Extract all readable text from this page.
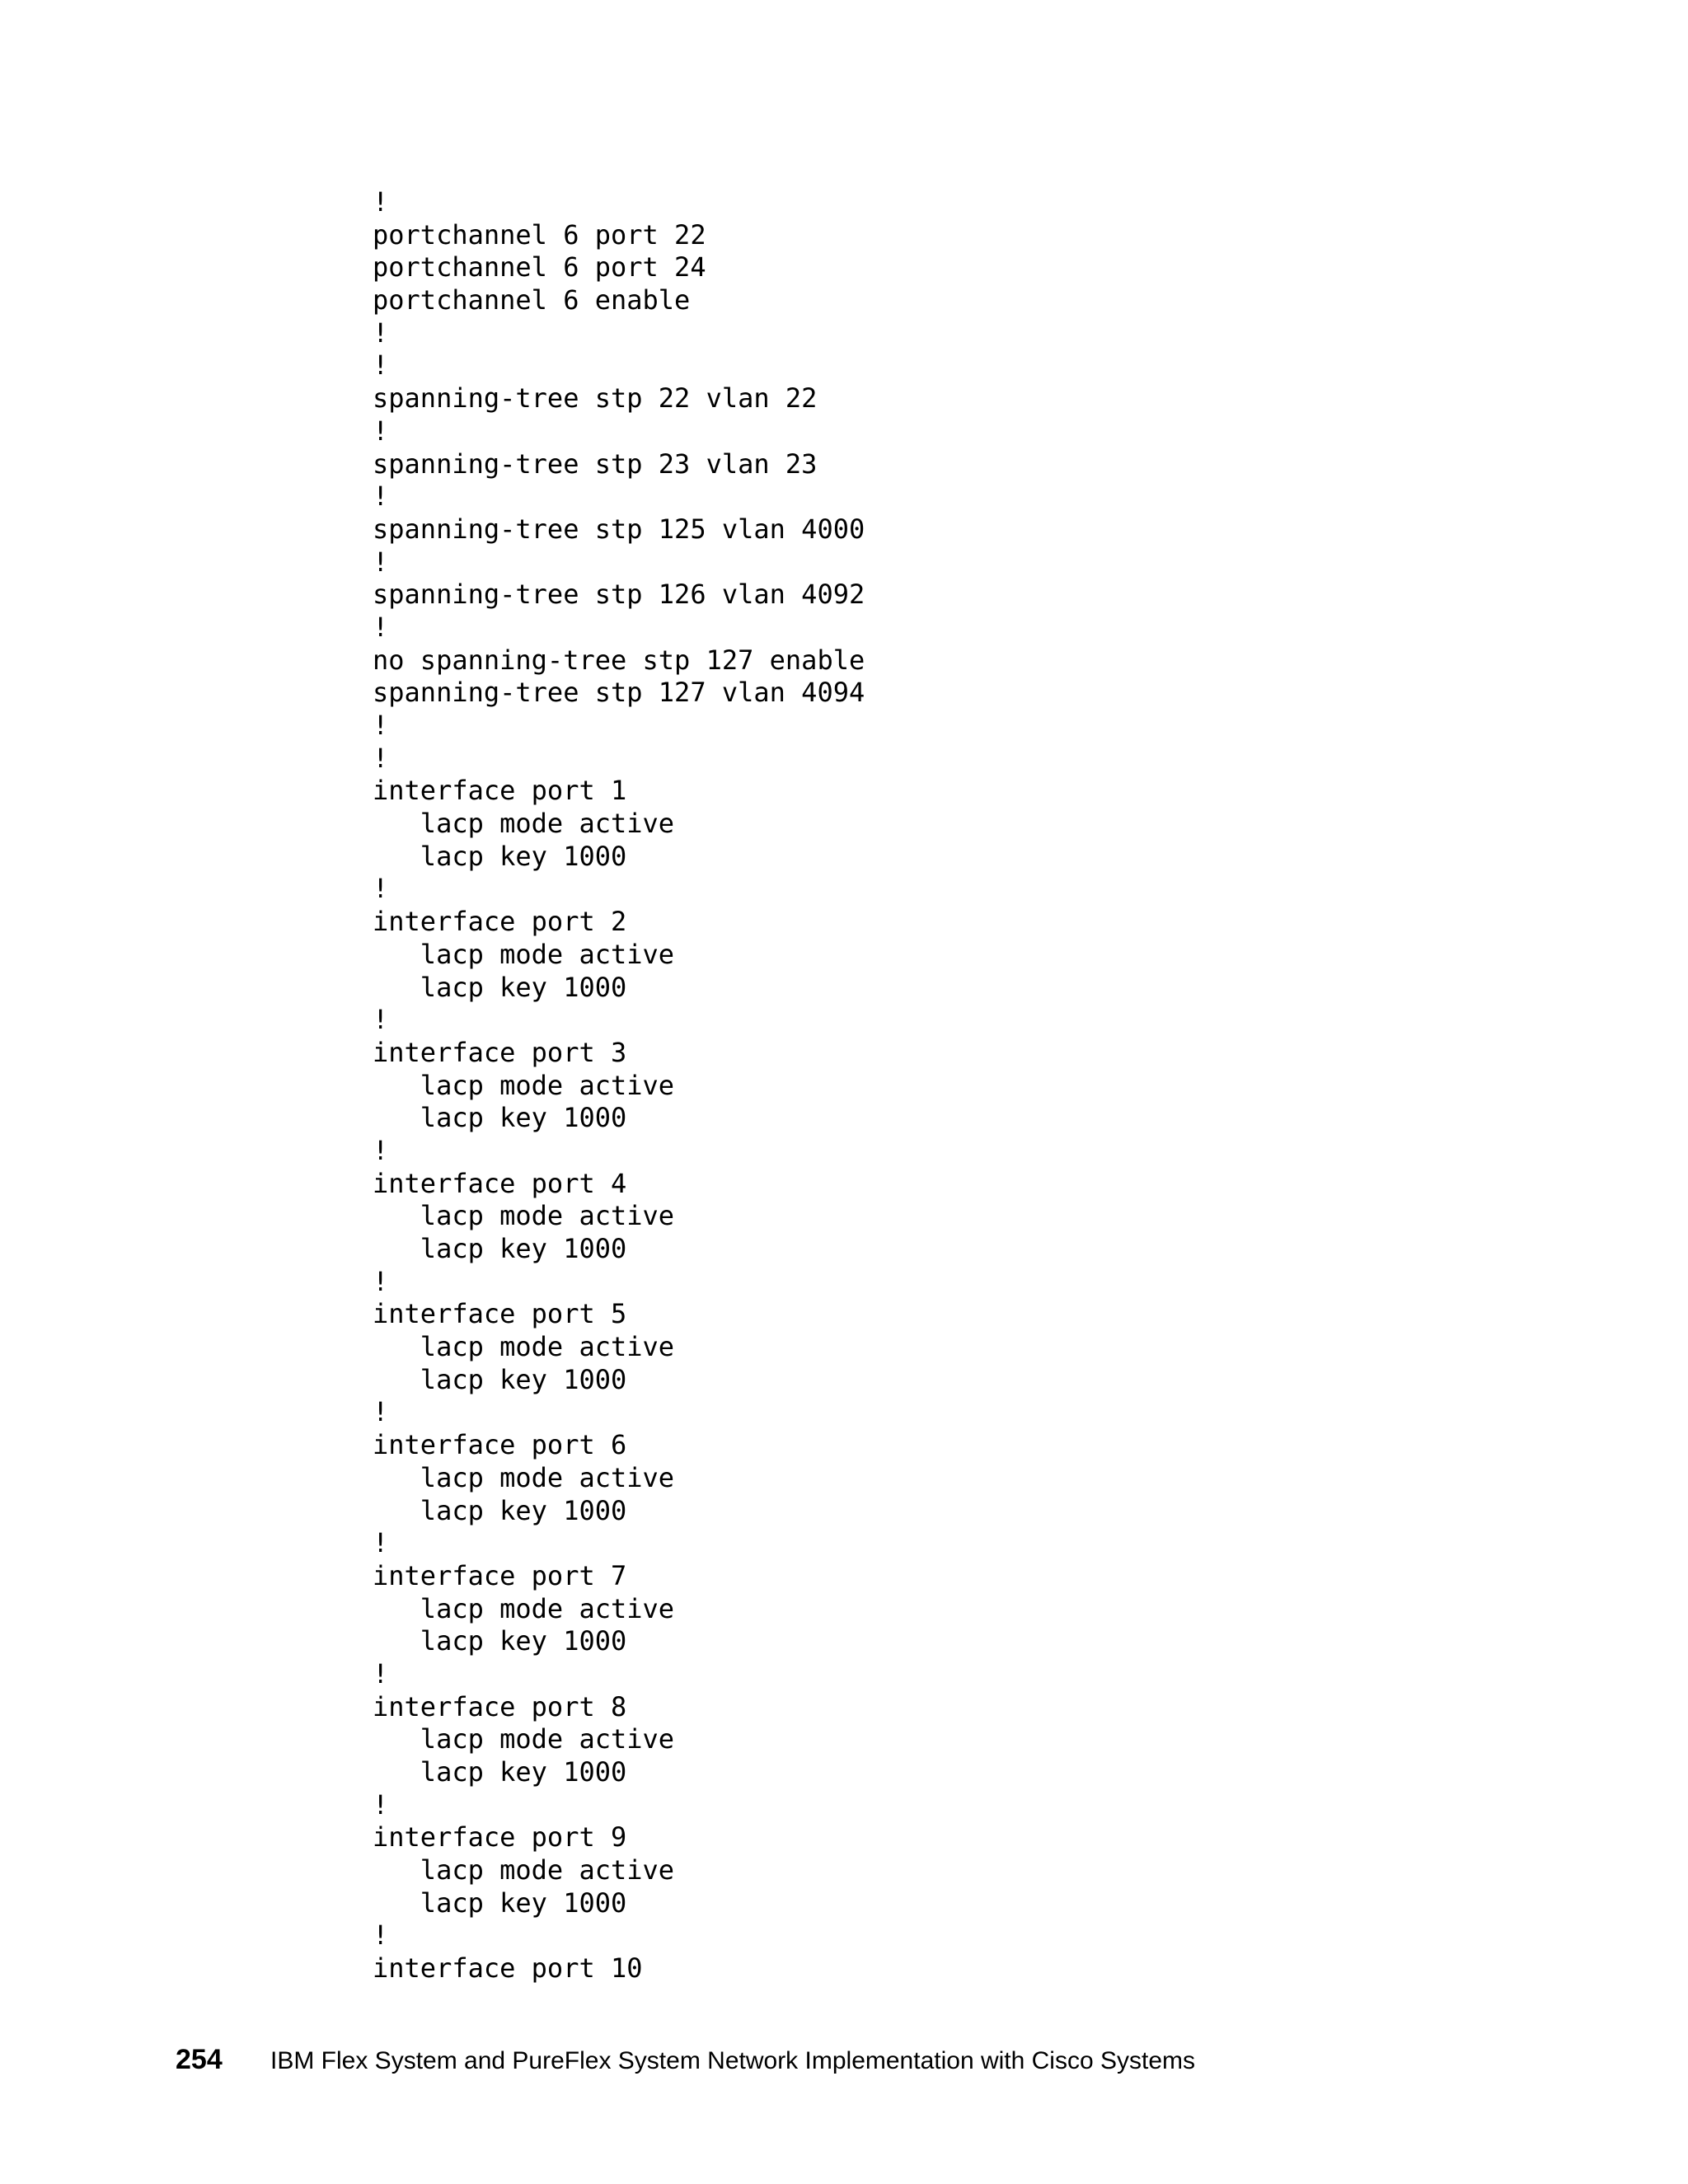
!
portchannel 6 port 22
portchannel 6 port 24
portchannel 6 enable
!
!
spanning-tree stp 22 vlan 22
!
spanning-tree stp 23 vlan 23
!
spanning-tree stp 125 vlan 4000
!
spanning-tree stp 126 vlan 4092
!
no spanning-tree stp 127 enable
spanning-tree stp 127 vlan 4094
!
!
interface port 1
lacp mode active
lacp key 1000
!
interface port 2
lacp mode active
lacp key 1000
!
interface port 3
lacp mode active
lacp key 1000
!
interface port 4
lacp mode active
lacp key 1000
!
interface port 5
lacp mode active
lacp key 1000
!
interface port 6
lacp mode active
lacp key 1000
!
interface port 7
lacp mode active
lacp key 1000
!
interface port 8
lacp mode active
lacp key 1000
!
interface port 9
lacp mode active
lacp key 1000
!
interface port 10
254	IBM Flex System and PureFlex System Network Implementation with Cisco Systems
